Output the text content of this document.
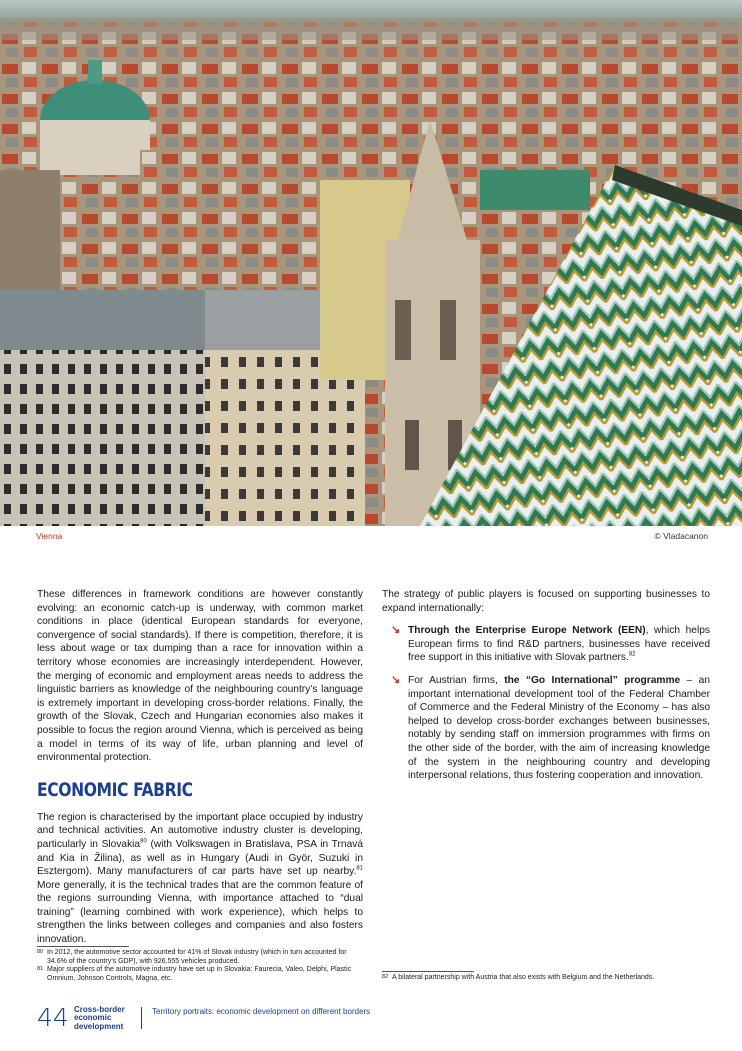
Vienna	© Vladacanon

These differences in framework conditions are however constantly evolving: an economic catch-up is underway, with common market conditions in place (identical European standards for everyone, convergence of social standards). If there is competition, therefore, it is less about wage or tax dumping than a race for innovation within a territory whose economies are increasingly interdependent. However, the merging of economic and employment areas needs to address the linguistic barriers as knowledge of the neighbouring country’s language is extremely important in developing cross-border relations. Finally, the growth of the Slovak, Czech and Hungarian economies also makes it possible to focus the region around Vienna, which is perceived as being a model in terms of its way of life, urban planning and level of environmental protection.

ECONOMIC FABRIC

The region is characterised by the important place occupied by industry and technical activities. An automotive industry cluster is developing, particularly in Slovakia$^{80}$ (with Volkswagen in Bratislava, PSA in Trnavá and Kia in Žilina), as well as in Hungary (Audi in Györ, Suzuki in Esztergom). Many manufacturers of car parts have set up nearby.$^{81}$ More generally, it is the technical trades that are the common feature of the regions surrounding Vienna, with importance attached to “dual training” (learning combined with work experience), which helps to strengthen the links between colleges and companies and also fosters innovation.

The strategy of public players is focused on supporting businesses to expand internationally:

↘ Through the Enterprise Europe Network (EEN), which helps European firms to find R&D partners, businesses have received free support in this initiative with Slovak partners.$^{82}$
↘ For Austrian firms, the “Go International” programme – an important international development tool of the Federal Chamber of Commerce and the Federal Ministry of the Economy – has also helped to develop cross-border exchanges between businesses, notably by sending staff on immersion programmes with firms on the other side of the border, with the aim of increasing knowledge of the system in the neighbouring country and developing interpersonal relations, thus fostering cooperation and innovation.

80 In 2012, the automotive sector accounted for 41% of Slovak industry (which in turn accounted for 34.6% of the country’s GDP), with 926,555 vehicles produced.

81 Major suppliers of the automotive industry have set up in Slovakia: Faurecia, Valeo, Delphi, Plastic Omnium, Johnson Controls, Magna, etc.	82 A bilateral partnership with Austria that also exists with Belgium and the Netherlands.

44 Cross-border
economic
development
Territory portraits: economic development on different borders
